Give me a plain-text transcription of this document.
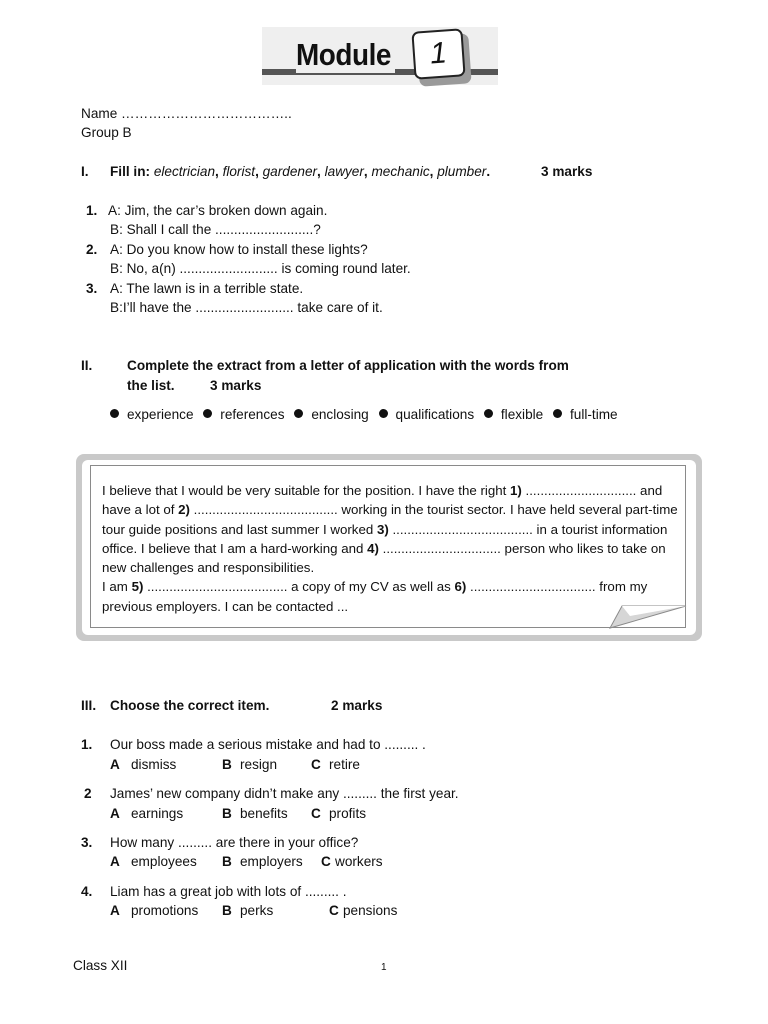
Module	1
Name ………………………………..
Group B
I. Fill in: electrician, florist, gardener, lawyer, mechanic, plumber.	3 marks
1. A: Jim, the car’s broken down again.
B: Shall I call the ..........................?
2. A: Do you know how to install these lights?
B: No, a(n) .......................... is coming round later.
3. A: The lawn is in a terrible state.
B:I’ll have the .......................... take care of it.
II.	Complete the extract from a letter of application with the words from
the list.	3 marks
experience references enclosing qualifications flexible full-time
I believe that I would be very suitable for the position. I have the right 1) .............................. and have a lot of 2) ....................................... working in the tourist sector. I have held several part-time tour guide positions and last summer I worked 3) ...................................... in a tourist information office. I believe that I am a hard-working and 4) ................................ person who likes to take on new challenges and responsibilities.
I am 5) ...................................... a copy of my CV as well as 6) .................................. from my previous employers. I can be contacted ...
III. Choose the correct item.	2 marks
1. Our boss made a serious mistake and had to ......... .
A dismiss	B resign C retire
2 James’ new company didn’t make any ......... the first year.
A earnings	B benefits C profits
3. How many ......... are there in your office?
A employees B employers C workers
4. Liam has a great job with lots of ......... .
A promotions B perks	C pensions
Class XII	1
